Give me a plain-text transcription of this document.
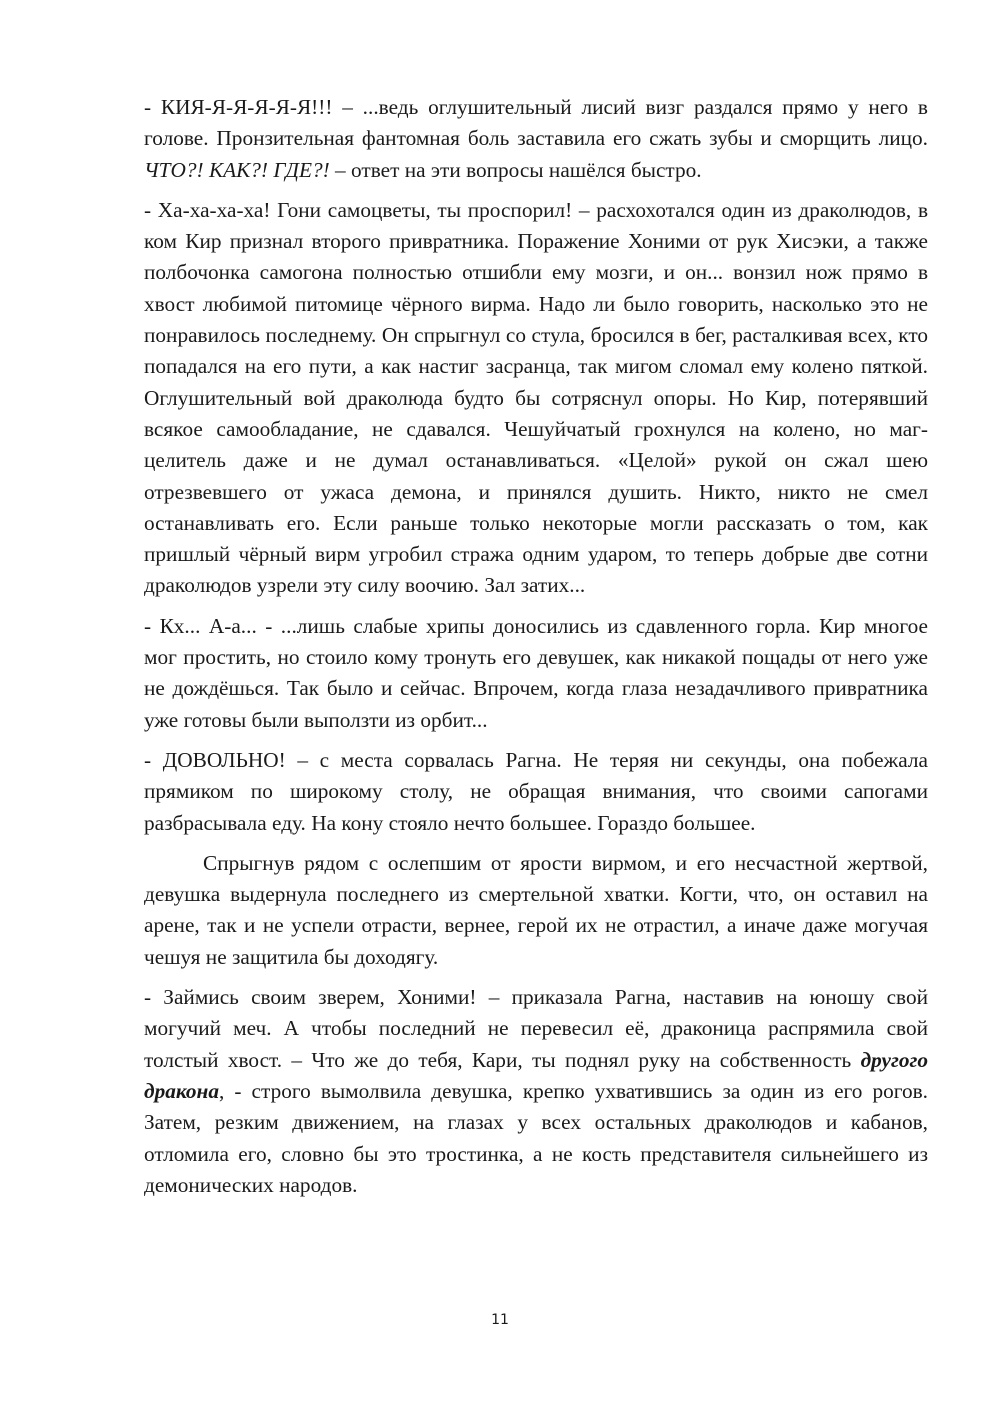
- КИЯ-Я-Я-Я-Я-Я!!! – ...ведь оглушительный лисий визг раздался прямо у него в голове. Пронзительная фантомная боль заставила его сжать зубы и сморщить лицо. ЧТО?! КАК?! ГДЕ?! – ответ на эти вопросы нашёлся быстро.

- Ха-ха-ха-ха! Гони самоцветы, ты проспорил! – расхохотался один из драколюдов, в ком Кир признал второго привратника. Поражение Хоними от рук Хисэки, а также полбочонка самогона полностью отшибли ему мозги, и он... вонзил нож прямо в хвост любимой питомице чёрного вирма. Надо ли было говорить, насколько это не понравилось последнему. Он спрыгнул со стула, бросился в бег, расталкивая всех, кто попадался на его пути, а как настиг засранца, так мигом сломал ему колено пяткой. Оглушительный вой драколюда будто бы сотряснул опоры. Но Кир, потерявший всякое самообладание, не сдавался. Чешуйчатый грохнулся на колено, но маг-целитель даже и не думал останавливаться. «Целой» рукой он сжал шею отрезвевшего от ужаса демона, и принялся душить. Никто, никто не смел останавливать его. Если раньше только некоторые могли рассказать о том, как пришлый чёрный вирм угробил стража одним ударом, то теперь добрые две сотни драколюдов узрели эту силу воочию. Зал затих...

- Кх... А-а... - ...лишь слабые хрипы доносились из сдавленного горла. Кир многое мог простить, но стоило кому тронуть его девушек, как никакой пощады от него уже не дождёшься. Так было и сейчас. Впрочем, когда глаза незадачливого привратника уже готовы были выползти из орбит...

- ДОВОЛЬНО! – с места сорвалась Рагна. Не теряя ни секунды, она побежала прямиком по широкому столу, не обращая внимания, что своими сапогами разбрасывала еду. На кону стояло нечто большее. Гораздо большее.

Спрыгнув рядом с ослепшим от ярости вирмом, и его несчастной жертвой, девушка выдернула последнего из смертельной хватки. Когти, что, он оставил на арене, так и не успели отрасти, вернее, герой их не отрастил, а иначе даже могучая чешуя не защитила бы доходягу.

- Займись своим зверем, Хоними! – приказала Рагна, наставив на юношу свой могучий меч. А чтобы последний не перевесил её, драконица распрямила свой толстый хвост. – Что же до тебя, Кари, ты поднял руку на собственность другого дракона, - строго вымолвила девушка, крепко ухватившись за один из его рогов. Затем, резким движением, на глазах у всех остальных драколюдов и кабанов, отломила его, словно бы это тростинка, а не кость представителя сильнейшего из демонических народов.

11
